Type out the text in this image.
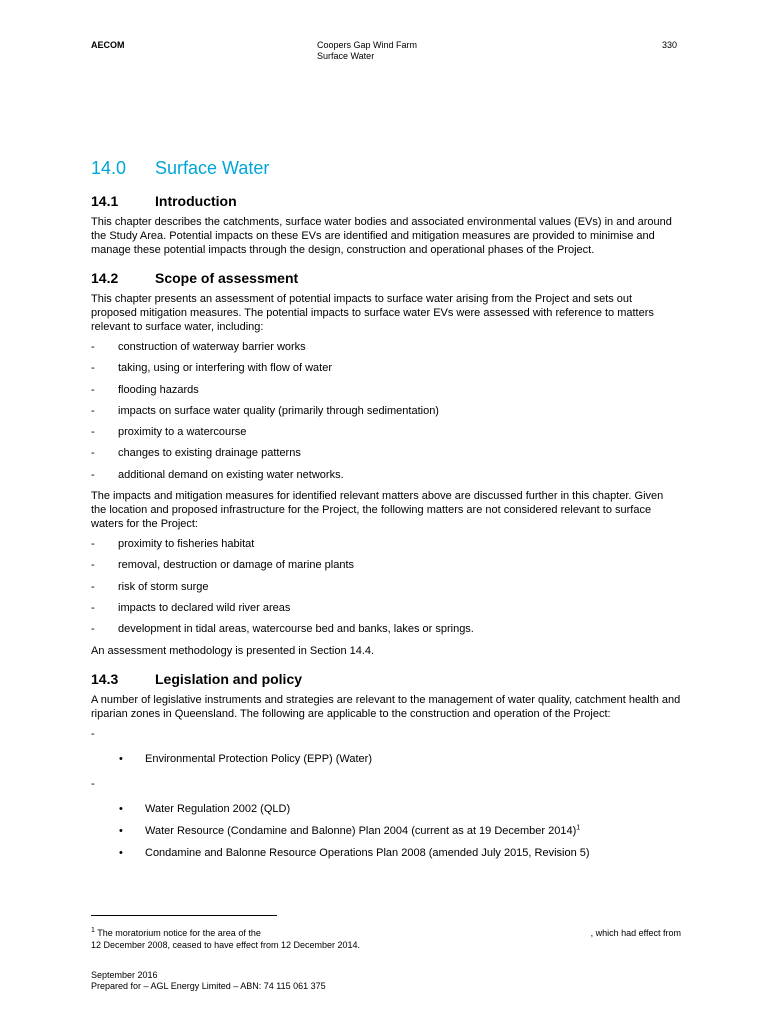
AECOM	Coopers Gap Wind Farm
Surface Water
330
14.0	Surface Water
14.1	Introduction

This chapter describes the catchments, surface water bodies and associated environmental values (EVs) in and around the Study Area. Potential impacts on these EVs are identified and mitigation measures are provided to minimise and manage these potential impacts through the design, construction and operational phases of the Project.

14.2	Scope of assessment

This chapter presents an assessment of potential impacts to surface water arising from the Project and sets out proposed mitigation measures. The potential impacts to surface water EVs were assessed with reference to matters relevant to surface water, including:

-	construction of waterway barrier works
-	taking, using or interfering with flow of water
-	flooding hazards
-	impacts on surface water quality (primarily through sedimentation)
-	proximity to a watercourse
-	changes to existing drainage patterns
-	additional demand on existing water networks.

The impacts and mitigation measures for identified relevant matters above are discussed further in this chapter. Given the location and proposed infrastructure for the Project, the following matters are not considered relevant to surface waters for the Project:

-	proximity to fisheries habitat
-	removal, destruction or damage of marine plants
-	risk of storm surge
-	impacts to declared wild river areas
-	development in tidal areas, watercourse bed and banks, lakes or springs.

An assessment methodology is presented in Section 14.4.

14.3	Legislation and policy

A number of legislative instruments and strategies are relevant to the management of water quality, catchment health and riparian zones in Queensland. The following are applicable to the construction and operation of the Project:

-
•	Environmental Protection Policy (EPP) (Water)
-
•	Water Regulation 2002 (QLD)
•	Water Resource (Condamine and Balonne) Plan 2004 (current as at 19 December 2014)$^1$
•	Condamine and Balonne Resource Operations Plan 2008 (amended July 2015, Revision 5)
$^1$ The moratorium notice for the area of the	, which had effect from
12 December 2008, ceased to have effect from 12 December 2014.
September 2016
Prepared for – AGL Energy Limited – ABN: 74 115 061 375
